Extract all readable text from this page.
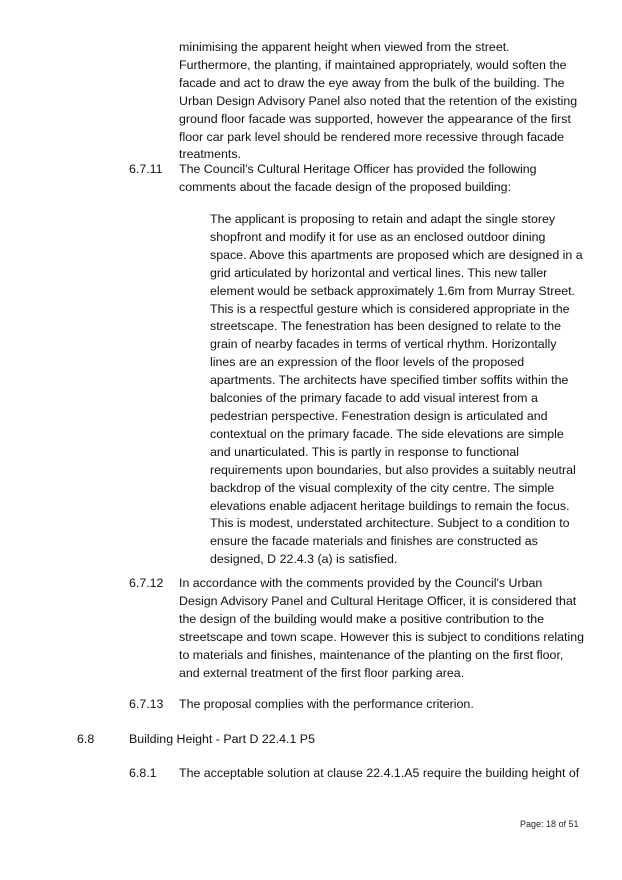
minimising the apparent height when viewed from the street. Furthermore, the planting, if maintained appropriately, would soften the facade and act to draw the eye away from the bulk of the building. The Urban Design Advisory Panel also noted that the retention of the existing ground floor facade was supported, however the appearance of the first floor car park level should be rendered more recessive through facade treatments.

6.7.11 The Council's Cultural Heritage Officer has provided the following comments about the facade design of the proposed building:

The applicant is proposing to retain and adapt the single storey shopfront and modify it for use as an enclosed outdoor dining space. Above this apartments are proposed which are designed in a grid articulated by horizontal and vertical lines. This new taller element would be setback approximately 1.6m from Murray Street. This is a respectful gesture which is considered appropriate in the streetscape. The fenestration has been designed to relate to the grain of nearby facades in terms of vertical rhythm. Horizontally lines are an expression of the floor levels of the proposed apartments. The architects have specified timber soffits within the balconies of the primary facade to add visual interest from a pedestrian perspective. Fenestration design is articulated and contextual on the primary facade. The side elevations are simple and unarticulated. This is partly in response to functional requirements upon boundaries, but also provides a suitably neutral backdrop of the visual complexity of the city centre. The simple elevations enable adjacent heritage buildings to remain the focus. This is modest, understated architecture. Subject to a condition to ensure the facade materials and finishes are constructed as designed, D 22.4.3 (a) is satisfied.

6.7.12 In accordance with the comments provided by the Council's Urban Design Advisory Panel and Cultural Heritage Officer, it is considered that the design of the building would make a positive contribution to the streetscape and town scape. However this is subject to conditions relating to materials and finishes, maintenance of the planting on the first floor, and external treatment of the first floor parking area.

6.7.13 The proposal complies with the performance criterion.

6.8	Building Height - Part D 22.4.1 P5

6.8.1 The acceptable solution at clause 22.4.1.A5 require the building height of

Page: 18 of 51
